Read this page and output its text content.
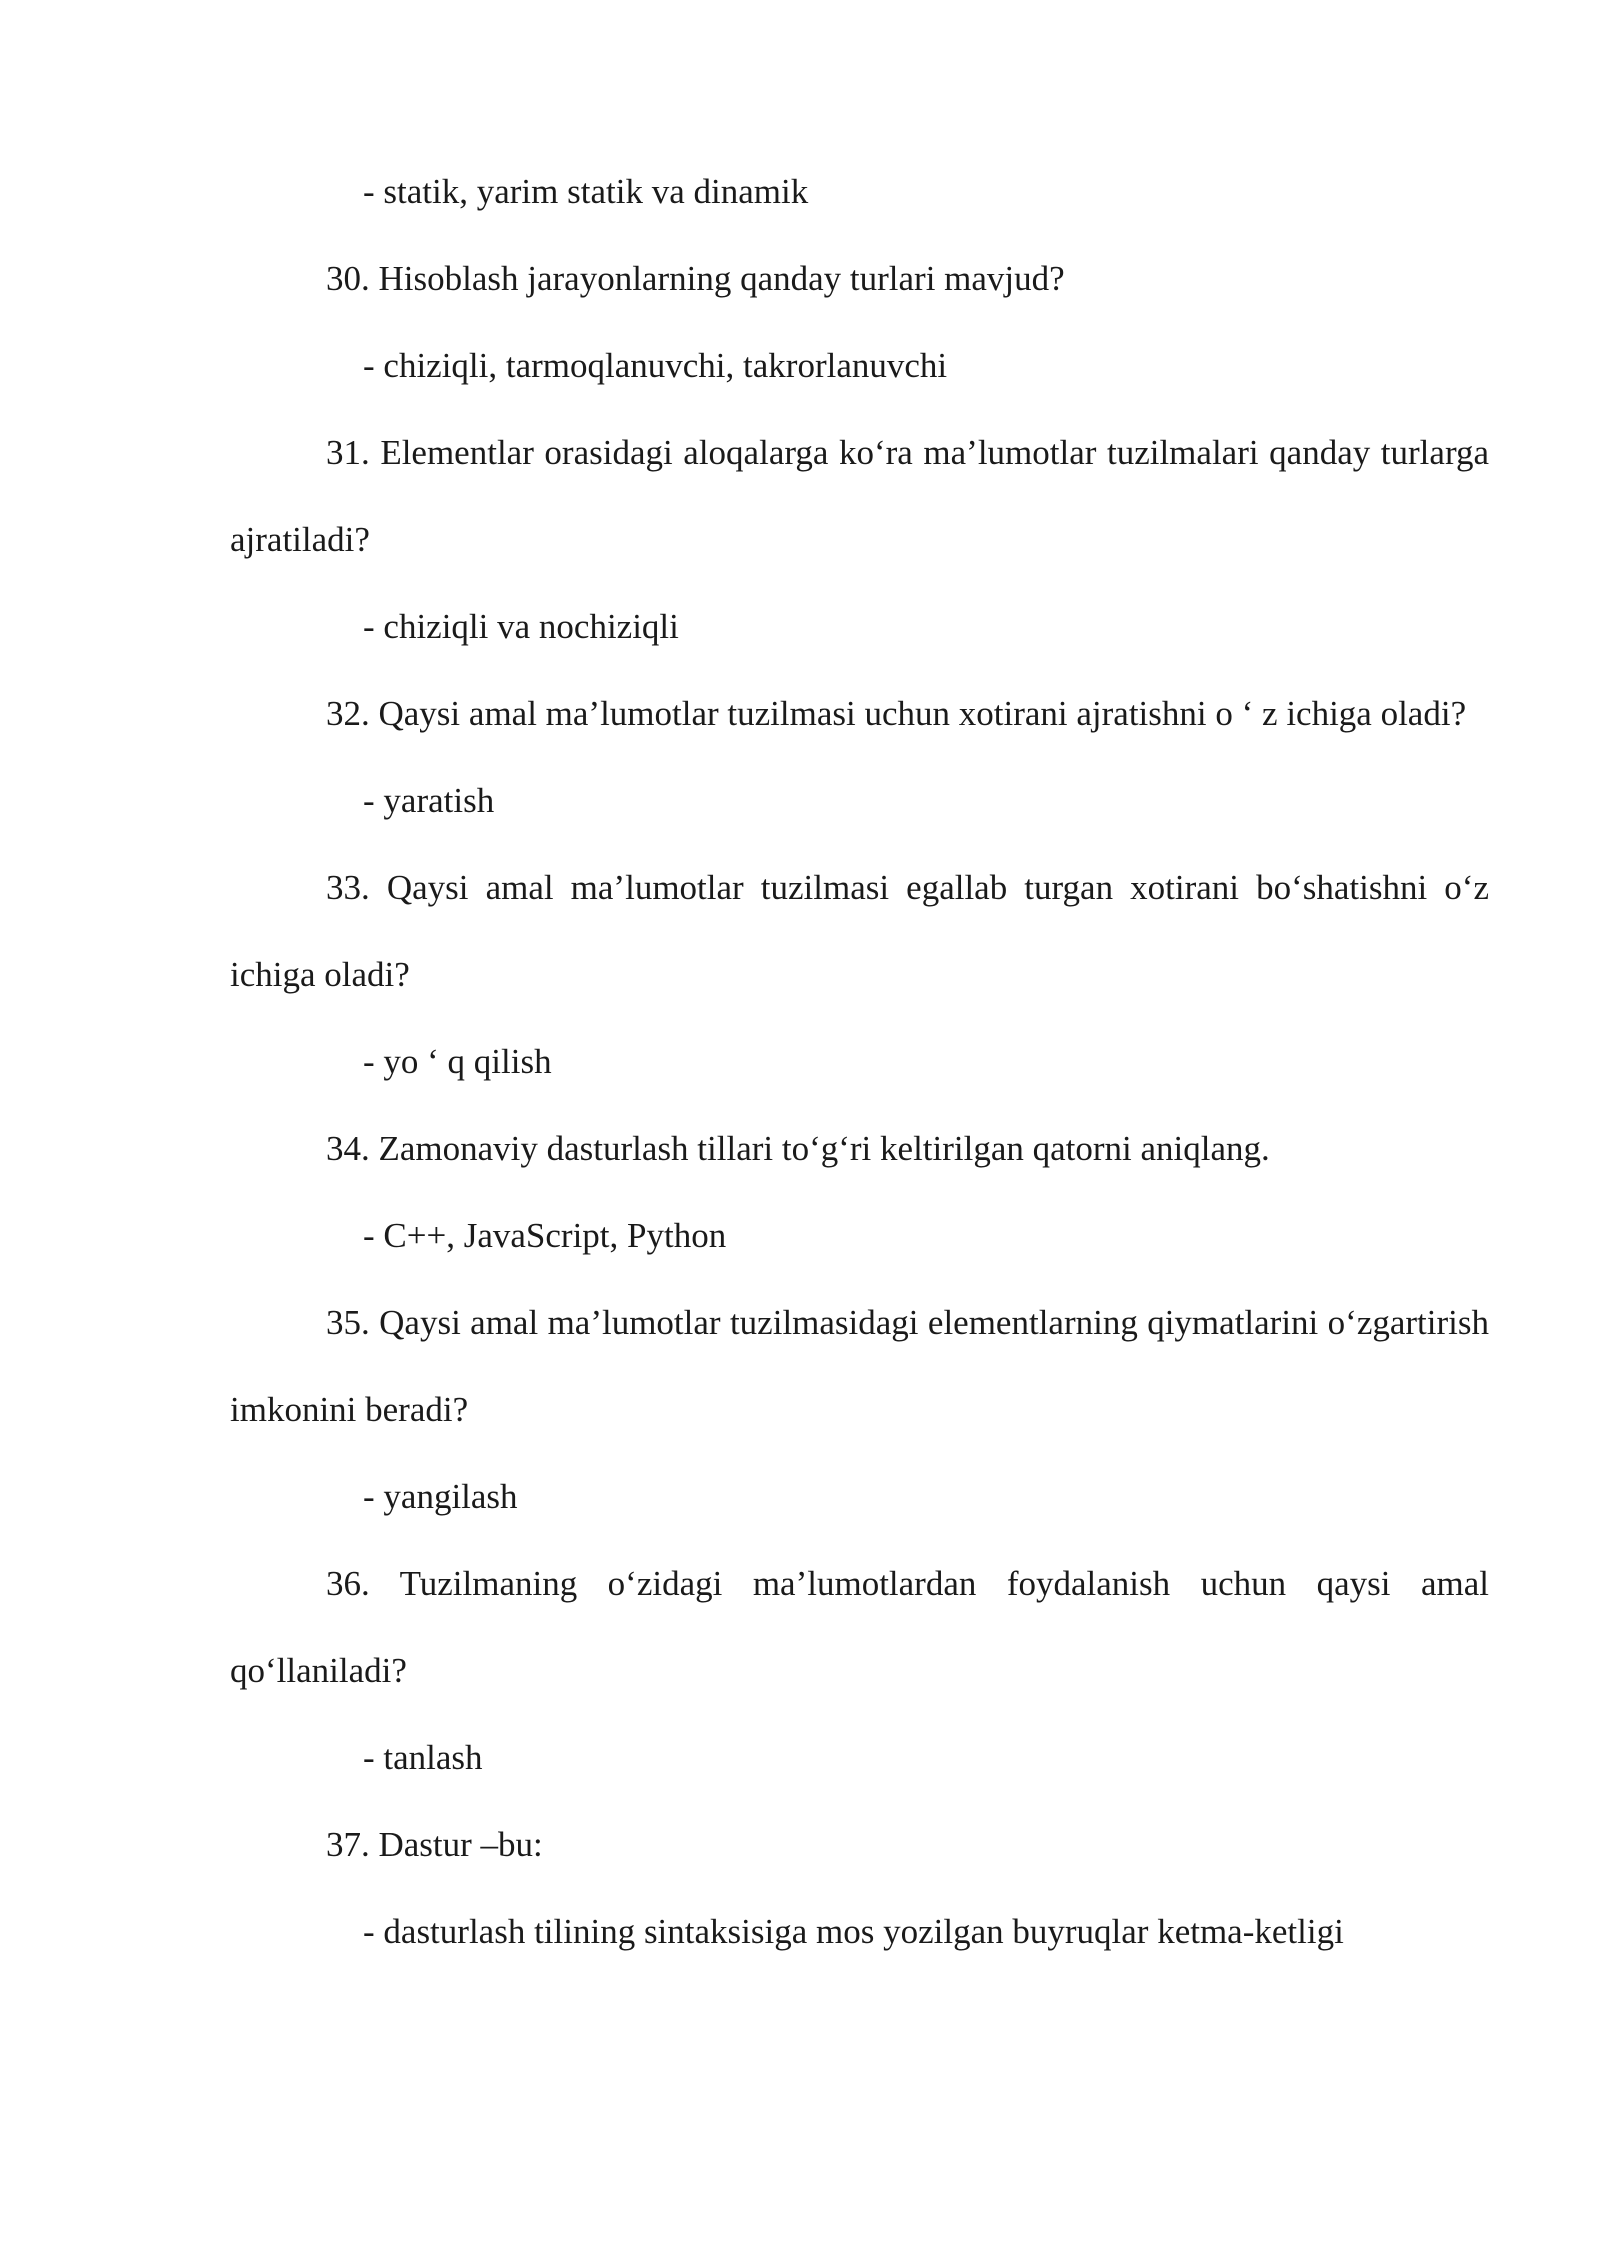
- statik, yarim statik va dinamik

30. Hisoblash jarayonlarning qanday turlari mavjud?

- chiziqli, tarmoqlanuvchi, takrorlanuvchi

31. Elementlar orasidagi aloqalarga ko‘ra ma’lumotlar tuzilmalari qanday turlarga ajratiladi?

- chiziqli va nochiziqli

32. Qaysi amal ma’lumotlar tuzilmasi uchun xotirani ajratishni o ‘ z ichiga oladi?

- yaratish

33. Qaysi amal ma’lumotlar tuzilmasi egallab turgan xotirani bo‘shatishni o‘z ichiga oladi?

- yo ‘ q qilish

34. Zamonaviy dasturlash tillari to‘g‘ri keltirilgan qatorni aniqlang.

- C++, JavaScript, Python

35. Qaysi amal ma’lumotlar tuzilmasidagi elementlarning qiymatlarini o‘zgartirish imkonini beradi?

- yangilash

36. Tuzilmaning o‘zidagi ma’lumotlardan foydalanish uchun qaysi amal qo‘llaniladi?

- tanlash

37. Dastur –bu:

- dasturlash tilining sintaksisiga mos yozilgan buyruqlar ketma-ketligi
